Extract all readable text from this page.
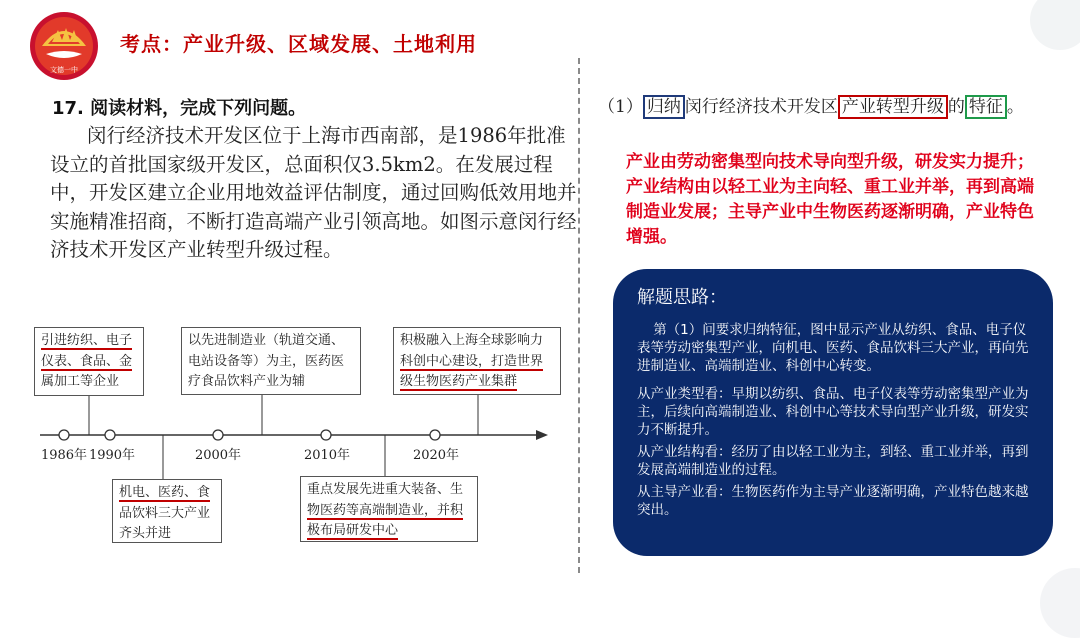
文德一中
考点：产业升级、区域发展、土地利用
17. 阅读材料，完成下列问题。

闵行经济技术开发区位于上海市西南部，是1986年批准设立的首批国家级开发区，总面积仅3.5km2。在发展过程中，开发区建立企业用地效益评估制度，通过回购低效用地并实施精准招商，不断打造高端产业引领高地。如图示意闵行经济技术开发区产业转型升级过程。

1986年 1990年	2000年	2010年	2020年
引进纺织、电子
仪表、食品、金
属加工等企业
机电、医药、食
品饮料三大产业
齐头并进
以先进制造业（轨道交通、
电站设备等）为主，医药医
疗食品饮料产业为辅
重点发展先进重大装备、生
物医药等高端制造业，并积
极布局研发中心
积极融入上海全球影响力
科创中心建设，打造世界
级生物医药产业集群
（1） 归纳 闵行经济技术开发区 产业转型升级 的 特征 。

产业由劳动密集型向技术导向型升级，研发实力提升；产业结构由以轻工业为主向轻、重工业并举，再到高端制造业发展；主导产业中生物医药逐渐明确，产业特色增强。

解题思路：

第（1）问要求归纳特征，图中显示产业从纺织、食品、电子仪表等劳动密集型产业，向机电、医药、食品饮料三大产业，再向先进制造业、高端制造业、科创中心转变。

从产业类型看：早期以纺织、食品、电子仪表等劳动密集型产业为主，后续向高端制造业、科创中心等技术导向型产业升级，研发实力不断提升。

从产业结构看：经历了由以轻工业为主，到轻、重工业并举，再到发展高端制造业的过程。

从主导产业看：生物医药作为主导产业逐渐明确，产业特色越来越突出。
